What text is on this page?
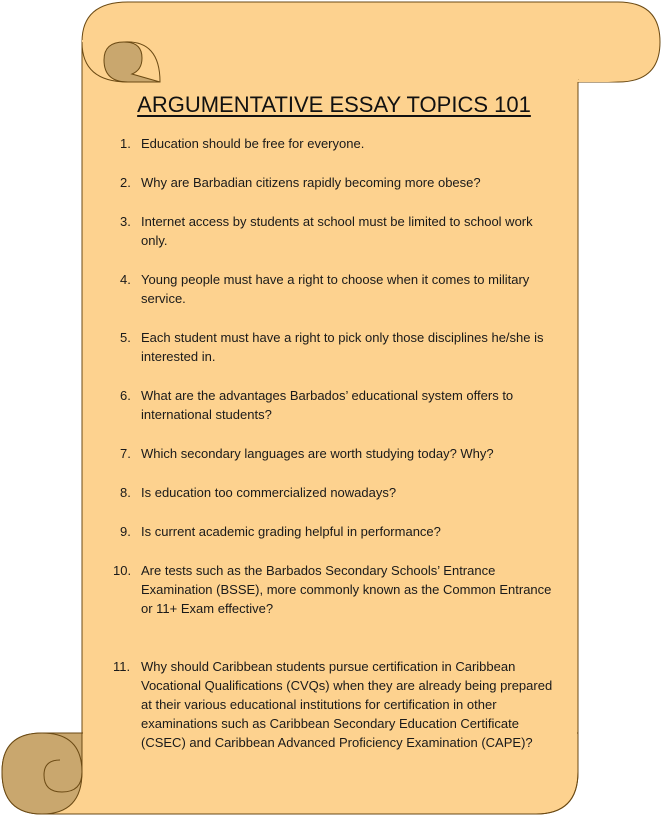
ARGUMENTATIVE ESSAY TOPICS 101
1. Education should be free for everyone.
2. Why are Barbadian citizens rapidly becoming more obese?
3. Internet access by students at school must be limited to school work only.
4. Young people must have a right to choose when it comes to military service.
5. Each student must have a right to pick only those disciplines he/she is interested in.
6. What are the advantages Barbados’ educational system offers to international students?
7. Which secondary languages are worth studying today? Why?
8. Is education too commercialized nowadays?
9. Is current academic grading helpful in performance?
10. Are tests such as the Barbados Secondary Schools’ Entrance Examination (BSSE), more commonly known as the Common Entrance or 11+ Exam effective?
11. Why should Caribbean students pursue certification in Caribbean Vocational Qualifications (CVQs) when they are already being prepared at their various educational institutions for certification in other examinations such as Caribbean Secondary Education Certificate (CSEC) and Caribbean Advanced Proficiency Examination (CAPE)?
